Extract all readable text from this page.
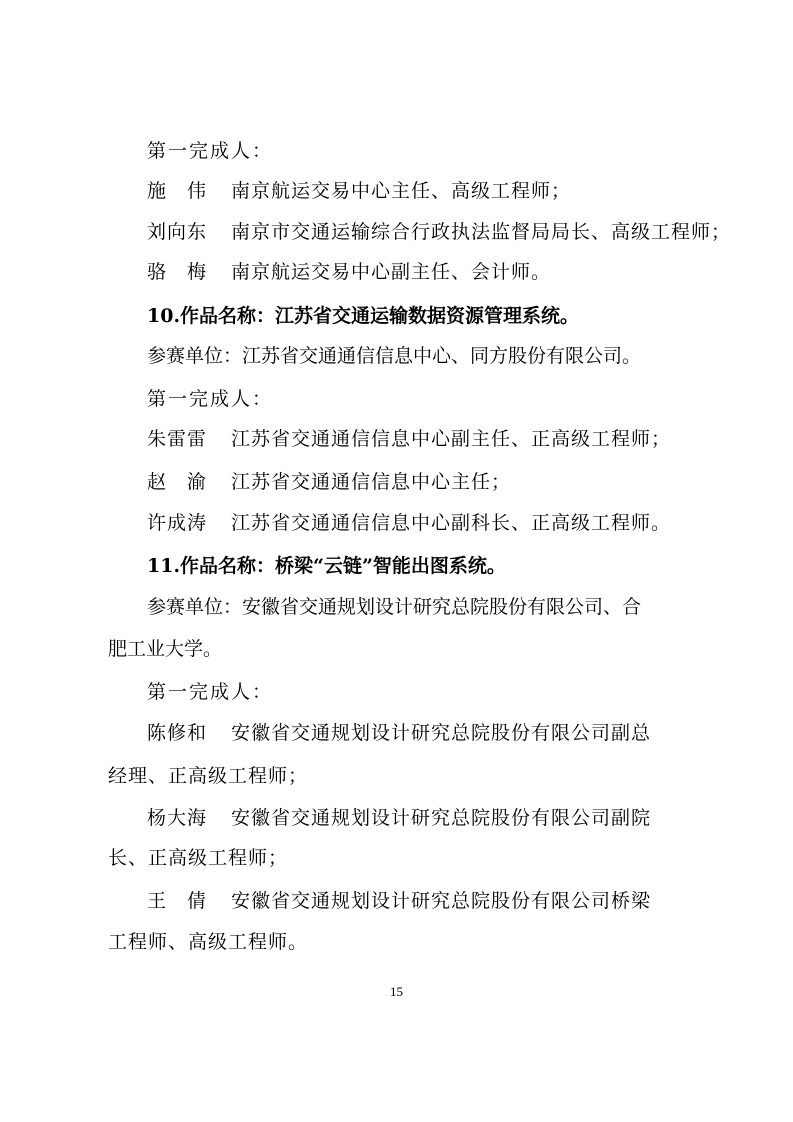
第一完成人：
施　伟 南京航运交易中心主任、高级工程师；
刘向东 南京市交通运输综合行政执法监督局局长、高级工程师；
骆　梅 南京航运交易中心副主任、会计师。
10.作品名称：江苏省交通运输数据资源管理系统。
参赛单位：江苏省交通通信信息中心、同方股份有限公司。
第一完成人：
朱雷雷 江苏省交通通信信息中心副主任、正高级工程师；
赵　渝 江苏省交通通信信息中心主任；
许成涛 江苏省交通通信信息中心副科长、正高级工程师。
11.作品名称：桥梁“云链”智能出图系统。
参赛单位：安徽省交通规划设计研究总院股份有限公司、合
肥工业大学。
第一完成人：
陈修和 安徽省交通规划设计研究总院股份有限公司副总
经理、正高级工程师；
杨大海 安徽省交通规划设计研究总院股份有限公司副院
长、正高级工程师；
王　倩 安徽省交通规划设计研究总院股份有限公司桥梁
工程师、高级工程师。
15
